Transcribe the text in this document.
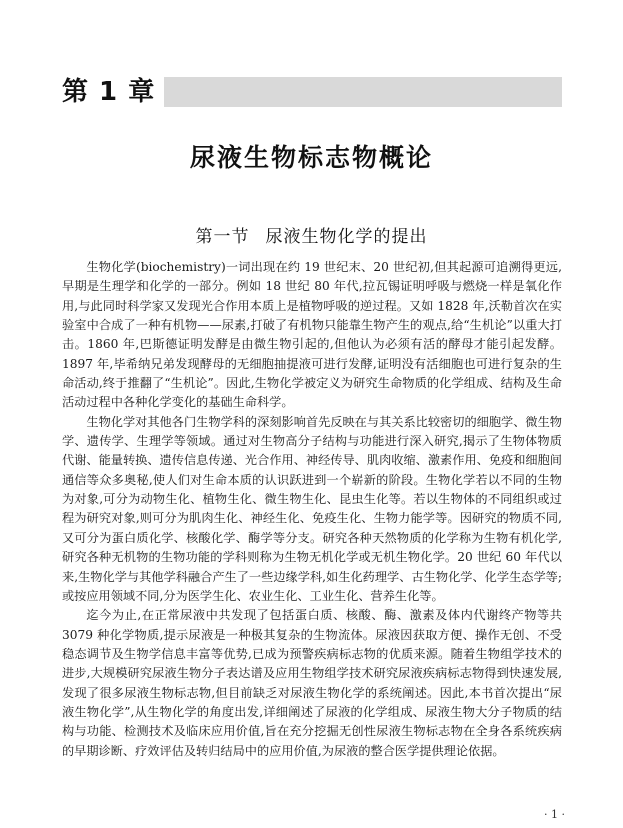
第 1 章
尿液生物标志物概论
第一节 尿液生物化学的提出

生物化学(biochemistry)一词出现在约 19 世纪末、20 世纪初,但其起源可追溯得更远,早期是生理学和化学的一部分。例如 18 世纪 80 年代,拉瓦锡证明呼吸与燃烧一样是氧化作用,与此同时科学家又发现光合作用本质上是植物呼吸的逆过程。又如 1828 年,沃勒首次在实验室中合成了一种有机物——尿素,打破了有机物只能靠生物产生的观点,给“生机论”以重大打击。1860 年,巴斯德证明发酵是由微生物引起的,但他认为必须有活的酵母才能引起发酵。1897 年,毕希纳兄弟发现酵母的无细胞抽提液可进行发酵,证明没有活细胞也可进行复杂的生命活动,终于推翻了“生机论”。因此,生物化学被定义为研究生命物质的化学组成、结构及生命活动过程中各种化学变化的基础生命科学。

生物化学对其他各门生物学科的深刻影响首先反映在与其关系比较密切的细胞学、微生物学、遗传学、生理学等领域。通过对生物高分子结构与功能进行深入研究,揭示了生物体物质代谢、能量转换、遗传信息传递、光合作用、神经传导、肌肉收缩、激素作用、免疫和细胞间通信等众多奥秘,使人们对生命本质的认识跃进到一个崭新的阶段。生物化学若以不同的生物为对象,可分为动物生化、植物生化、微生物生化、昆虫生化等。若以生物体的不同组织或过程为研究对象,则可分为肌肉生化、神经生化、免疫生化、生物力能学等。因研究的物质不同,又可分为蛋白质化学、核酸化学、酶学等分支。研究各种天然物质的化学称为生物有机化学,研究各种无机物的生物功能的学科则称为生物无机化学或无机生物化学。20 世纪 60 年代以来,生物化学与其他学科融合产生了一些边缘学科,如生化药理学、古生物化学、化学生态学等;或按应用领域不同,分为医学生化、农业生化、工业生化、营养生化等。

迄今为止,在正常尿液中共发现了包括蛋白质、核酸、酶、激素及体内代谢终产物等共 3079 种化学物质,提示尿液是一种极其复杂的生物流体。尿液因获取方便、操作无创、不受稳态调节及生物学信息丰富等优势,已成为预警疾病标志物的优质来源。随着生物组学技术的进步,大规模研究尿液生物分子表达谱及应用生物组学技术研究尿液疾病标志物得到快速发展,发现了很多尿液生物标志物,但目前缺乏对尿液生物化学的系统阐述。因此,本书首次提出“尿液生物化学”,从生物化学的角度出发,详细阐述了尿液的化学组成、尿液生物大分子物质的结构与功能、检测技术及临床应用价值,旨在充分挖掘无创性尿液生物标志物在全身各系统疾病的早期诊断、疗效评估及转归结局中的应用价值,为尿液的整合医学提供理论依据。

· 1 ·
